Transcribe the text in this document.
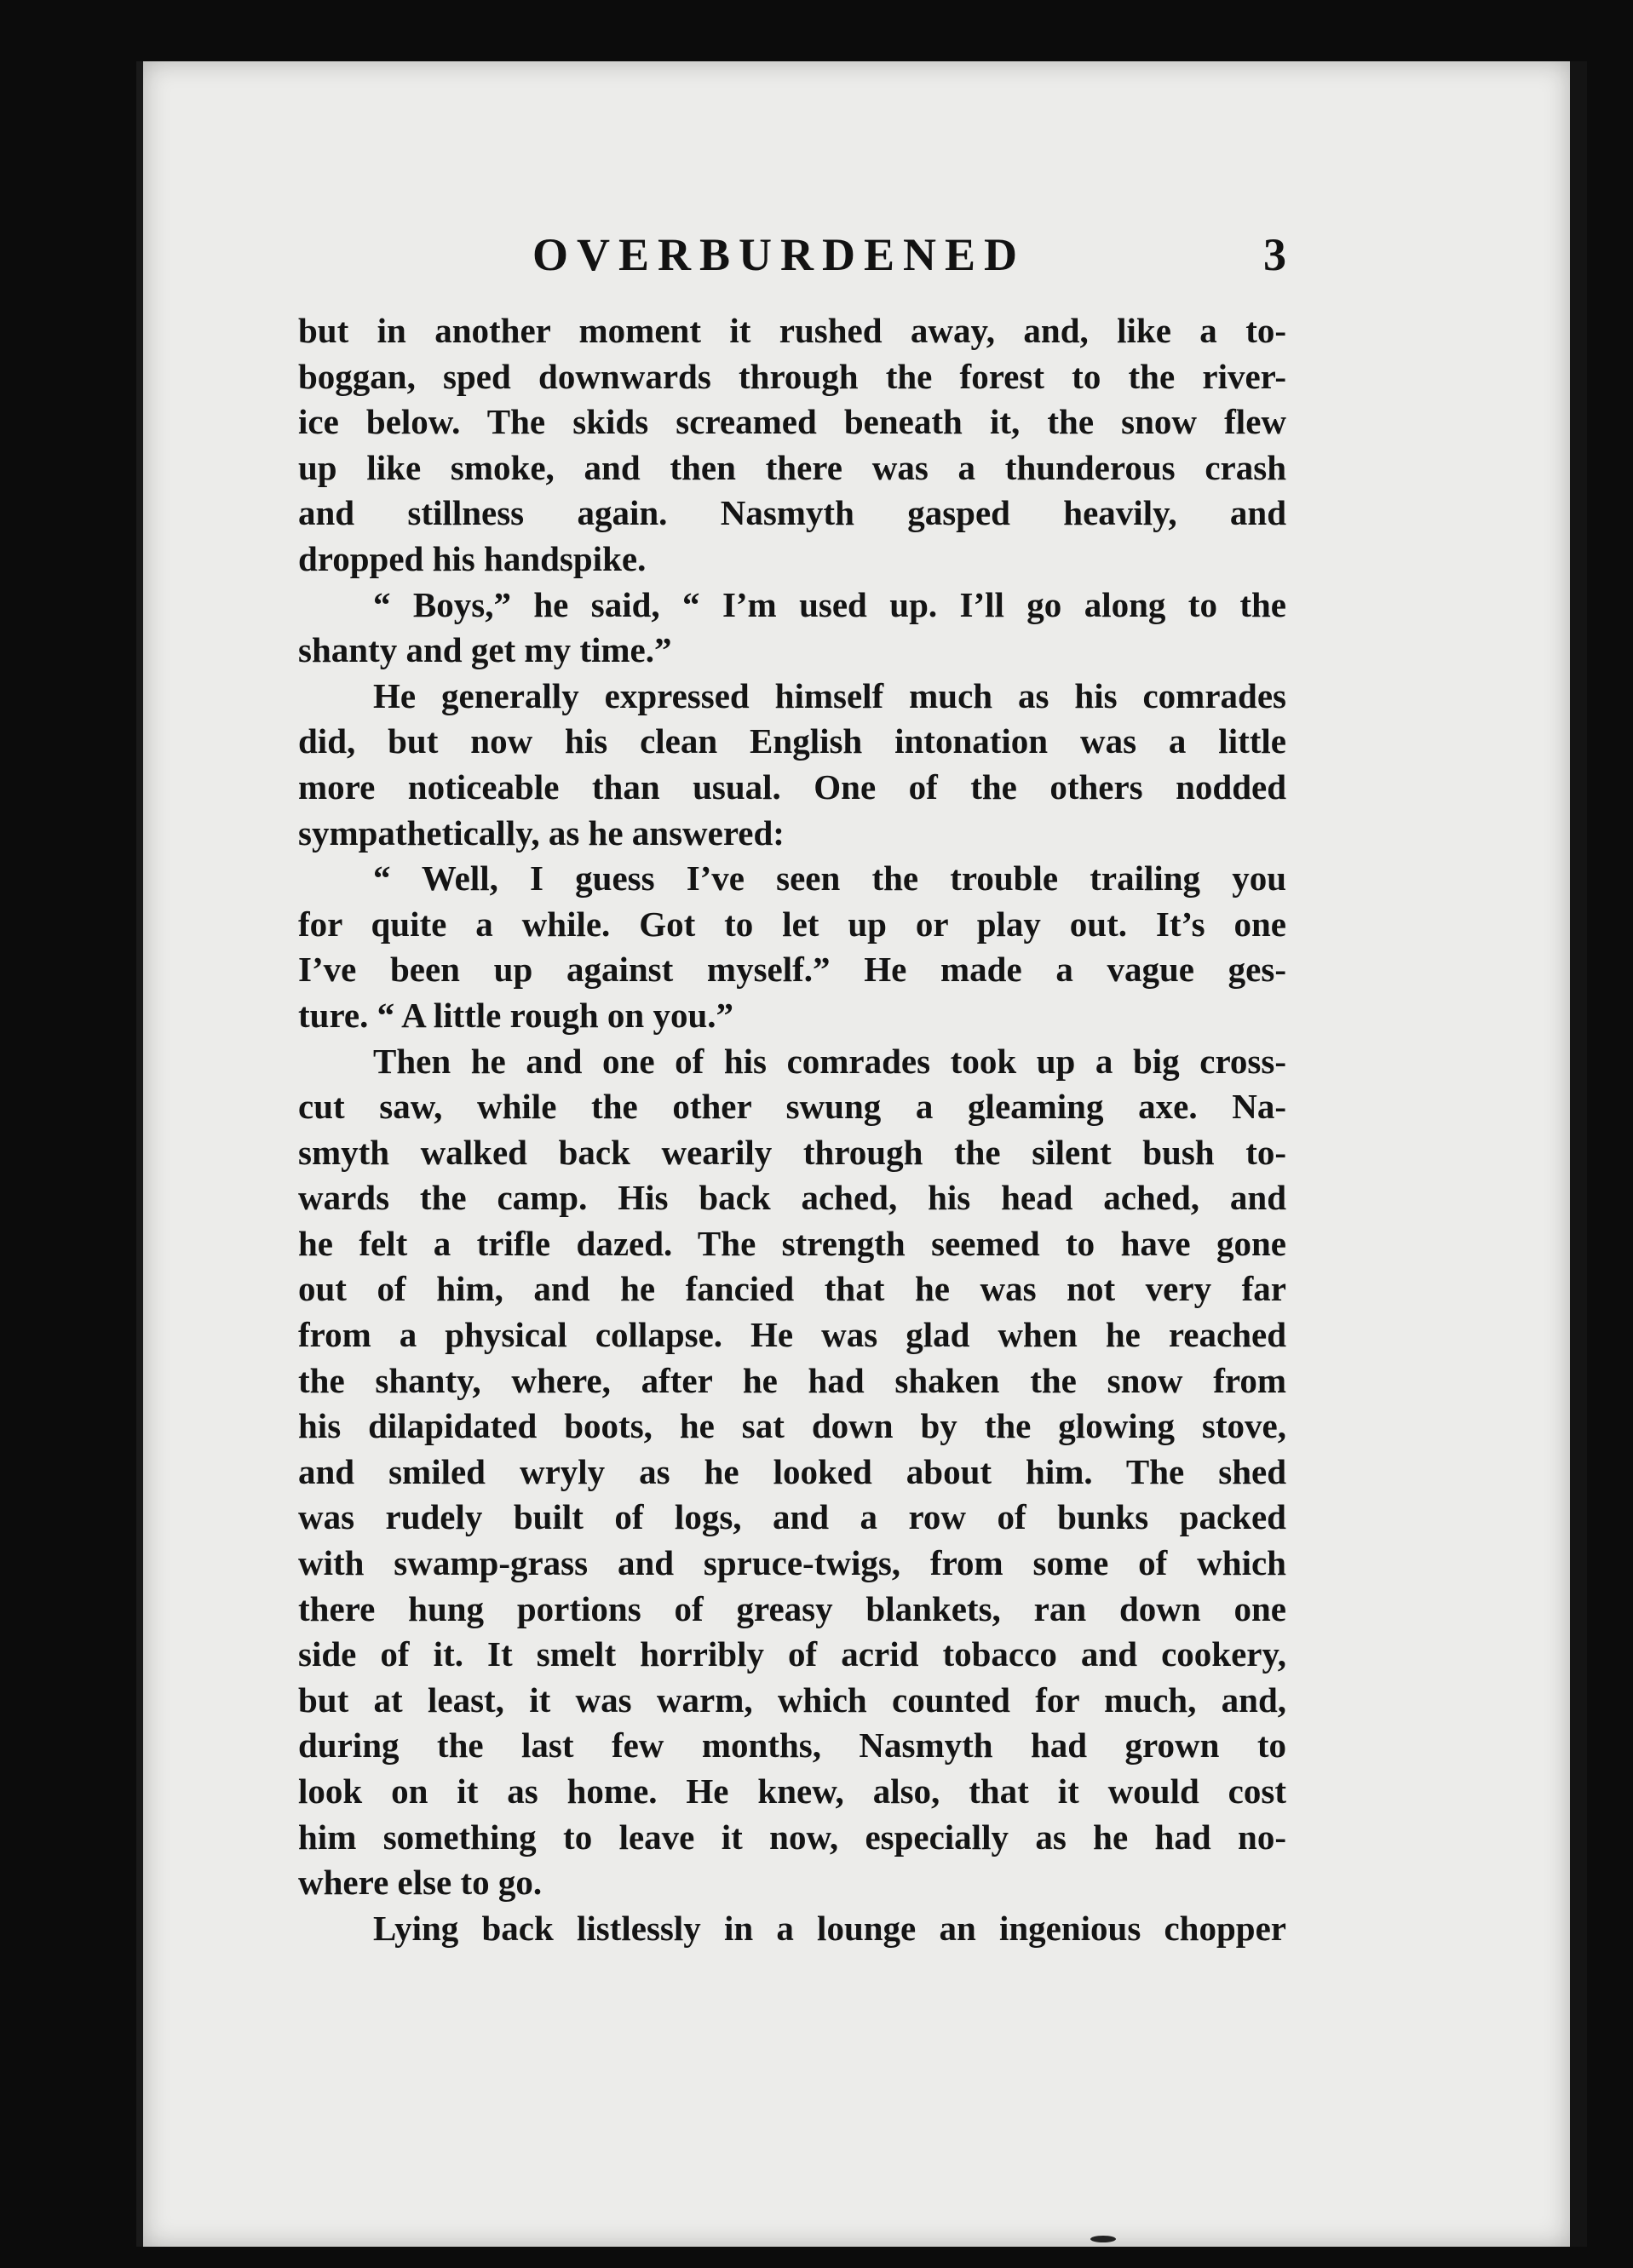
OVERBURDENED	3
but in another moment it rushed away, and, like a to-
boggan, sped downwards through the forest to the river-
ice below. The skids screamed beneath it, the snow flew
up like smoke, and then there was a thunderous crash
and stillness again. Nasmyth gasped heavily, and
dropped his handspike.
“ Boys,” he said, “ I’m used up. I’ll go along to the
shanty and get my time.”
He generally expressed himself much as his comrades
did, but now his clean English intonation was a little
more noticeable than usual. One of the others nodded
sympathetically, as he answered:
“ Well, I guess I’ve seen the trouble trailing you
for quite a while. Got to let up or play out. It’s one
I’ve been up against myself.” He made a vague ges-
ture. “ A little rough on you.”
Then he and one of his comrades took up a big cross-
cut saw, while the other swung a gleaming axe. Na-
smyth walked back wearily through the silent bush to-
wards the camp. His back ached, his head ached, and
he felt a trifle dazed. The strength seemed to have gone
out of him, and he fancied that he was not very far
from a physical collapse. He was glad when he reached
the shanty, where, after he had shaken the snow from
his dilapidated boots, he sat down by the glowing stove,
and smiled wryly as he looked about him. The shed
was rudely built of logs, and a row of bunks packed
with swamp-grass and spruce-twigs, from some of which
there hung portions of greasy blankets, ran down one
side of it. It smelt horribly of acrid tobacco and cookery,
but at least, it was warm, which counted for much, and,
during the last few months, Nasmyth had grown to
look on it as home. He knew, also, that it would cost
him something to leave it now, especially as he had no-
where else to go.
Lying back listlessly in a lounge an ingenious chopper
